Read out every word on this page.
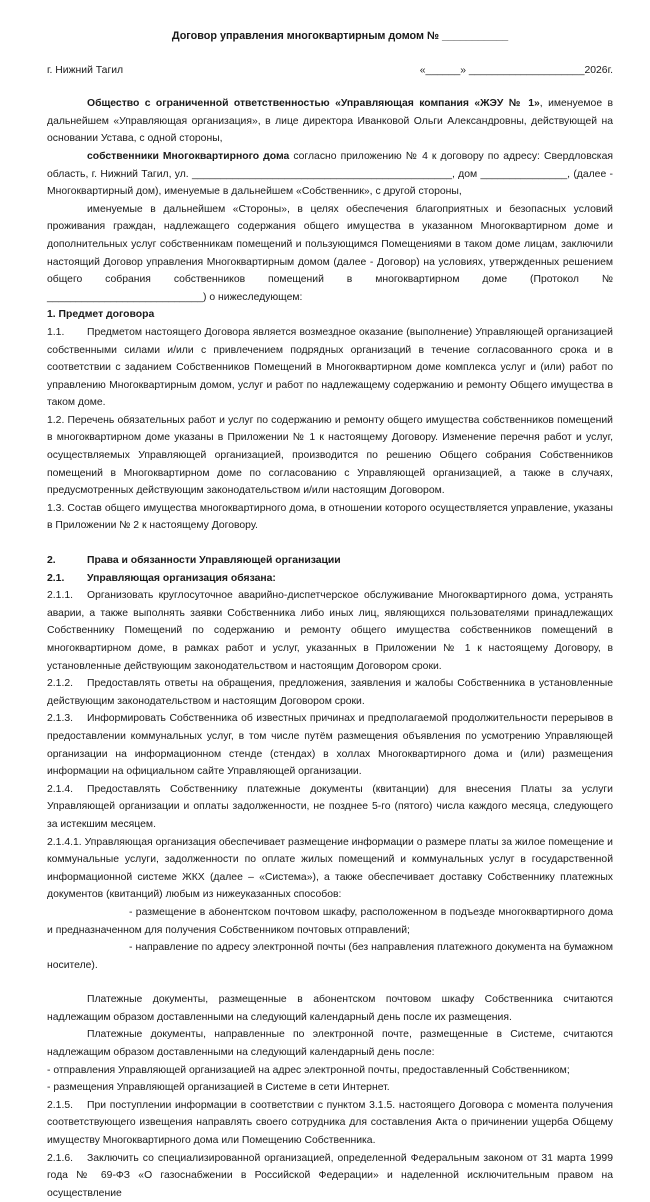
Договор управления многоквартирным домом № ___________
г. Нижний Тагил	«______» ____________________2026г.

Общество с ограниченной ответственностью «Управляющая компания «ЖЭУ № 1», именуемое в дальнейшем «Управляющая организация», в лице директора Иванковой Ольги Александровны, действующей на основании Устава, с одной стороны,

собственники Многоквартирного дома согласно приложению № 4 к договору по адресу: Свердловская область, г. Нижний Тагил, ул. _____________________________________________, дом _______________, (далее - Многоквартирный дом), именуемые в дальнейшем «Собственник», с другой стороны,

именуемые в дальнейшем «Стороны», в целях обеспечения благоприятных и безопасных условий проживания граждан, надлежащего содержания общего имущества в указанном Многоквартирном доме и дополнительных услуг собственникам помещений и пользующимся Помещениями в таком доме лицам, заключили настоящий Договор управления Многоквартирным домом (далее - Договор) на условиях, утвержденных решением общего собрания собственников помещений в многоквартирном доме (Протокол № ___________________________) о нижеследующем:

1. Предмет договора

1.1. Предметом настоящего Договора является возмездное оказание (выполнение) Управляющей организацией собственными силами и/или с привлечением подрядных организаций в течение согласованного срока и в соответствии с заданием Собственников Помещений в Многоквартирном доме комплекса услуг и (или) работ по управлению Многоквартирным домом, услуг и работ по надлежащему содержанию и ремонту Общего имущества в таком доме.

1.2. Перечень обязательных работ и услуг по содержанию и ремонту общего имущества собственников помещений в многоквартирном доме указаны в Приложении № 1 к настоящему Договору. Изменение перечня работ и услуг, осуществляемых Управляющей организацией, производится по решению Общего собрания Собственников помещений в Многоквартирном доме по согласованию с Управляющей организацией, а также в случаях, предусмотренных действующим законодательством и/или настоящим Договором.

1.3. Состав общего имущества многоквартирного дома, в отношении которого осуществляется управление, указаны в Приложении № 2 к настоящему Договору.

2.	Права и обязанности Управляющей организации

2.1. Управляющая организация обязана:

2.1.1. Организовать круглосуточное аварийно-диспетчерское обслуживание Многоквартирного дома, устранять аварии, а также выполнять заявки Собственника либо иных лиц, являющихся пользователями принадлежащих Собственнику Помещений по содержанию и ремонту общего имущества собственников помещений в многоквартирном доме, в рамках работ и услуг, указанных в Приложении № 1 к настоящему Договору, в установленные действующим законодательством и настоящим Договором сроки.

2.1.2. Предоставлять ответы на обращения, предложения, заявления и жалобы Собственника в установленные действующим законодательством и настоящим Договором сроки.

2.1.3. Информировать Собственника об известных причинах и предполагаемой продолжительности перерывов в предоставлении коммунальных услуг, в том числе путём размещения объявления по усмотрению Управляющей организации на информационном стенде (стендах) в холлах Многоквартирного дома и (или) размещения информации на официальном сайте Управляющей организации.

2.1.4. Предоставлять Собственнику платежные документы (квитанции) для внесения Платы за услуги Управляющей организации и оплаты задолженности, не позднее 5-го (пятого) числа каждого месяца, следующего за истекшим месяцем.

2.1.4.1. Управляющая организация обеспечивает размещение информации о размере платы за жилое помещение и коммунальные услуги, задолженности по оплате жилых помещений и коммунальных услуг в государственной информационной системе ЖКХ (далее – «Система»), а также обеспечивает доставку Собственнику платежных документов (квитанций) любым из нижеуказанных способов:

- размещение в абонентском почтовом шкафу, расположенном в подъезде многоквартирного дома и предназначенном для получения Собственником почтовых отправлений;

- направление по адресу электронной почты (без направления платежного документа на бумажном носителе).

Платежные документы, размещенные в абонентском почтовом шкафу Собственника считаются надлежащим образом доставленными на следующий календарный день после их размещения.

Платежные документы, направленные по электронной почте, размещенные в Системе, считаются надлежащим образом доставленными на следующий календарный день после:

- отправления Управляющей организацией на адрес электронной почты, предоставленный Собственником;

- размещения Управляющей организацией в Системе в сети Интернет.

2.1.5. При поступлении информации в соответствии с пунктом 3.1.5. настоящего Договора с момента получения соответствующего извещения направлять своего сотрудника для составления Акта о причинении ущерба Общему имуществу Многоквартирного дома или Помещению Собственника.

2.1.6. Заключить со специализированной организацией, определенной Федеральным законом от 31 марта 1999 года № 69-ФЗ «О газоснабжении в Российской Федерации» и наделенной исключительным правом на осуществление
